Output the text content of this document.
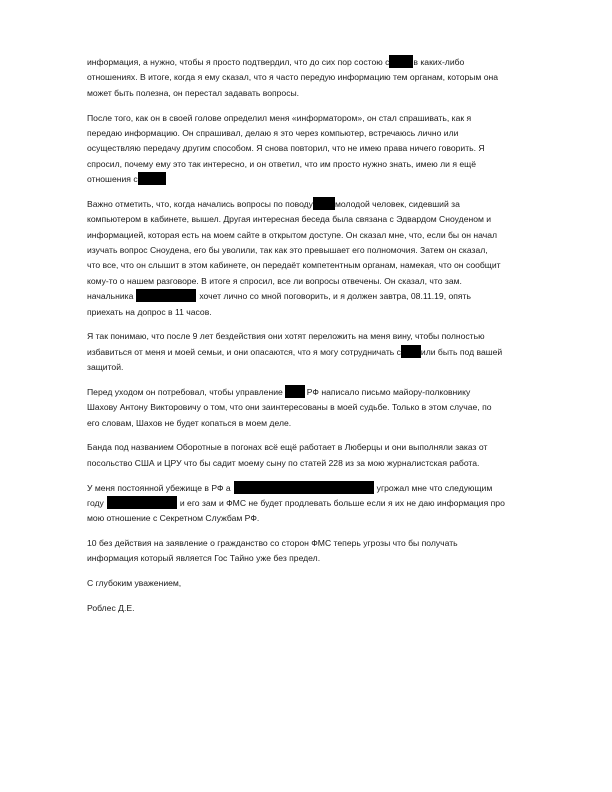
информация, а нужно, чтобы я просто подтвердил, что до сих пор состою с	в каких-либо
отношениях. В итоге, когда я ему сказал, что я часто передую информацию тем органам, которым она
может быть полезна, он перестал задавать вопросы.

После того, как он в своей голове определил меня «информатором», он стал спрашивать, как я
передаю информацию. Он спрашивал, делаю я это через компьютер, встречаюсь лично или
осуществляю передачу другим способом. Я снова повторил, что не имею права ничего говорить. Я
спросил, почему ему это так интересно, и он ответил, что им просто нужно знать, имею ли я ещё
отношения с

Важно отметить, что, когда начались вопросы по поводу	молодой человек, сидевший за
компьютером в кабинете, вышел. Другая интересная беседа была связана с Эдвардом Сноуденом и
информацией, которая есть на моем сайте в открытом доступе. Он сказал мне, что, если бы он начал
изучать вопрос Сноудена, его бы уволили, так как это превышает его полномочия. Затем он сказал,
что все, что он слышит в этом кабинете, он передаёт компетентным органам, намекая, что он сообщит
кому-то о нашем разговоре. В итоге я спросил, все ли вопросы отвечены. Он сказал, что зам.
начальника	хочет лично со мной поговорить, и я должен завтра, 08.11.19, опять
приехать на допрос в 11 часов.

Я так понимаю, что после 9 лет бездействия они хотят переложить на меня вину, чтобы полностью
избавиться от меня и моей семьи, и они опасаются, что я могу сотрудничать с или быть под вашей
защитой.

Перед уходом он потребовал, чтобы управление	РФ написало письмо майору-полковнику
Шахову Антону Викторовичу о том, что они заинтересованы в моей судьбе. Только в этом случае, по
его словам, Шахов не будет копаться в моем деле.

Банда под названием Оборотные в погонах всё ещё работает в Люберцы и они выполняли заказ от
посольство США и ЦРУ что бы садит моему сыну по статей 228 из за мою журналистская работа.

У меня постоянной убежище в РФ а	угрожал мне что следующим
году	и его зам и ФМС не будет продлевать больше если я их не даю информация про
мою отношение с Секретном Службам РФ.

10 без действия на заявление о гражданство со сторон ФМС теперь угрозы что бы получать
информация который является Гос Тайно уже без предел.

С глубоким уважением,

Роблес Д.Е.
